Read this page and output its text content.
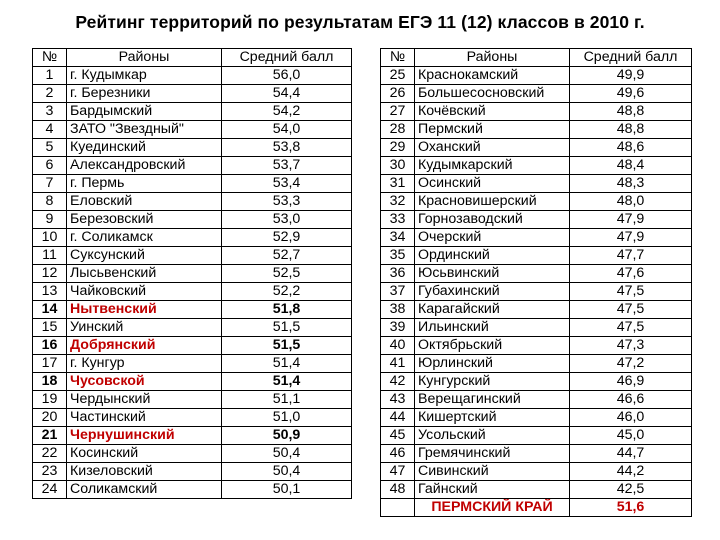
Рейтинг территорий по результатам ЕГЭ 11 (12) классов в 2010 г.
№	Районы	Средний балл
1	г. Кудымкар	56,0
2	г. Березники	54,4
3	Бардымский	54,2
4	ЗАТО "Звездный"	54,0
5	Куединский	53,8
6	Александровский	53,7
7	г. Пермь	53,4
8	Еловский	53,3
9	Березовский	53,0
10	г. Соликамск	52,9
11	Суксунский	52,7
12	Лысьвенский	52,5
13	Чайковский	52,2
14	Нытвенский	51,8
15	Уинский	51,5
16	Добрянский	51,5
17	г. Кунгур	51,4
18	Чусовской	51,4
19	Чердынский	51,1
20	Частинский	51,0
21	Чернушинский	50,9
22	Косинский	50,4
23	Кизеловский	50,4
24	Соликамский	50,1
№	Районы	Средний балл
25	Краснокамский	49,9
26	Большесосновский	49,6
27	Кочёвский	48,8
28	Пермский	48,8
29	Оханский	48,6
30	Кудымкарский	48,4
31	Осинский	48,3
32	Красновишерский	48,0
33	Горнозаводский	47,9
34	Очерский	47,9
35	Ординский	47,7
36	Юсьвинский	47,6
37	Губахинский	47,5
38	Карагайский	47,5
39	Ильинский	47,5
40	Октябрьский	47,3
41	Юрлинский	47,2
42	Кунгурский	46,9
43	Верещагинский	46,6
44	Кишертский	46,0
45	Усольский	45,0
46	Гремячинский	44,7
47	Сивинский	44,2
48	Гайнский	42,5
	ПЕРМСКИЙ КРАЙ	51,6
